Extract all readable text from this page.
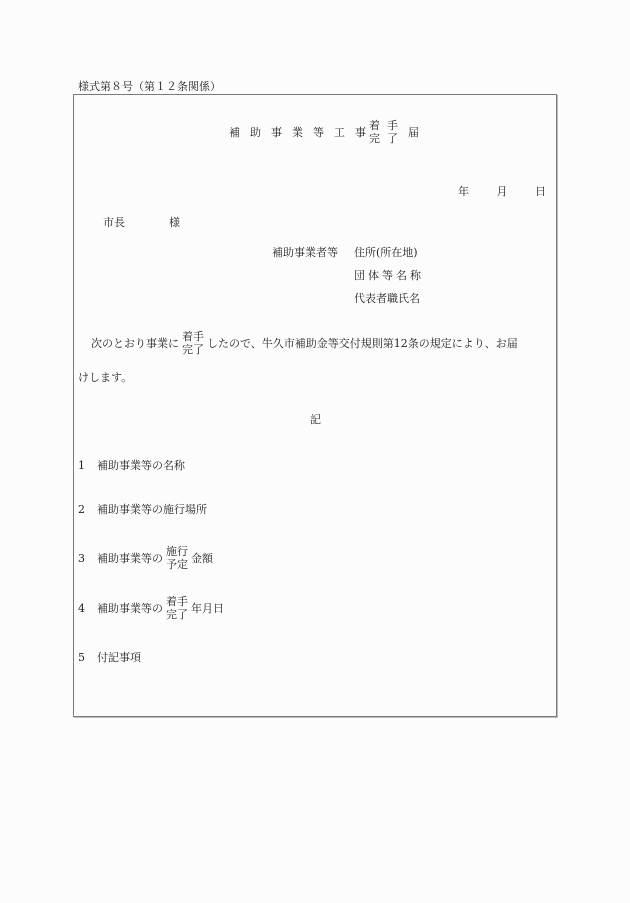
様式第８号（第１２条関係）
補 助 事 業 等 工 事
着手
完了 届
年	月	日
市長	様
補助事業者等 住所(所在地)
団体等名称
代表者職氏名
次のとおり事業に
着手
完了 したので、牛久市補助金等交付規則第12条の規定により、お届
けします。
記
1	補助事業等の名称
2	補助事業等の施行場所
3	補助事業等の
施行
予定 金額
4	補助事業等の
着手
完了 年月日
5	付記事項
